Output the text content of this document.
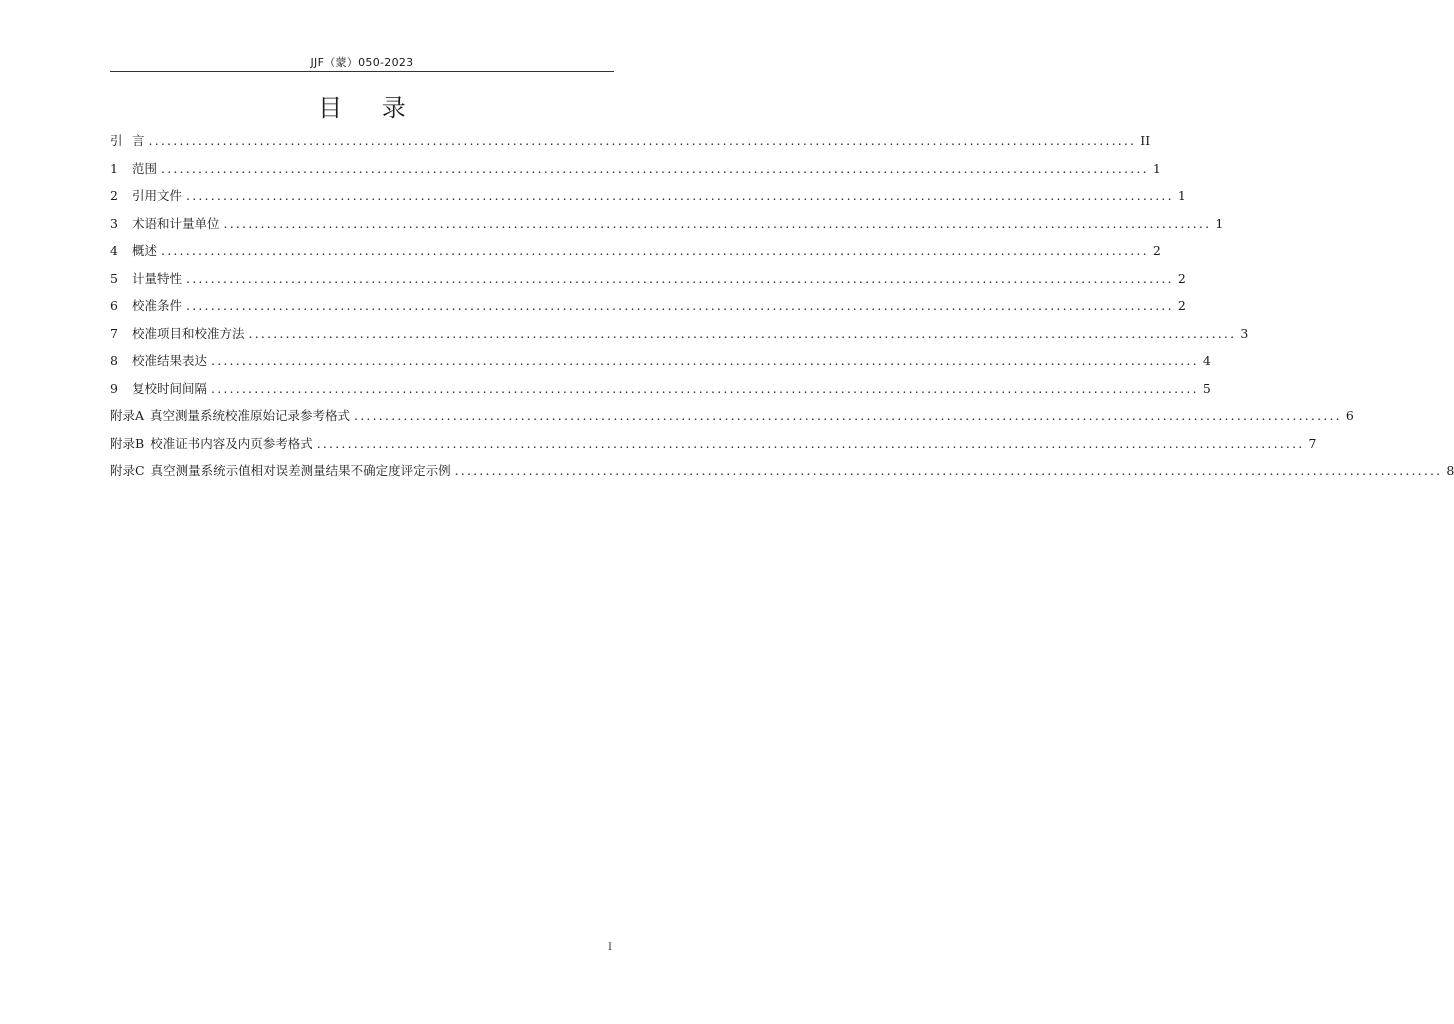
JJF（蒙）050-2023
目 录
引 言 ................................................................................................................................................................ II
1	范围 ................................................................................................................................................................ 1
2	引用文件 ................................................................................................................................................................ 1
3	术语和计量单位 ................................................................................................................................................................ 1
4	概述 ................................................................................................................................................................ 2
5	计量特性 ................................................................................................................................................................ 2
6	校准条件 ................................................................................................................................................................ 2
7	校准项目和校准方法 ................................................................................................................................................................ 3
8	校准结果表达 ................................................................................................................................................................ 4
9	复校时间间隔 ................................................................................................................................................................ 5
附录A 真空测量系统校准原始记录参考格式 ................................................................................................................................................................ 6
附录B 校准证书内容及内页参考格式 ................................................................................................................................................................ 7
附录C 真空测量系统示值相对误差测量结果不确定度评定示例 ................................................................................................................................................................ 8
I
